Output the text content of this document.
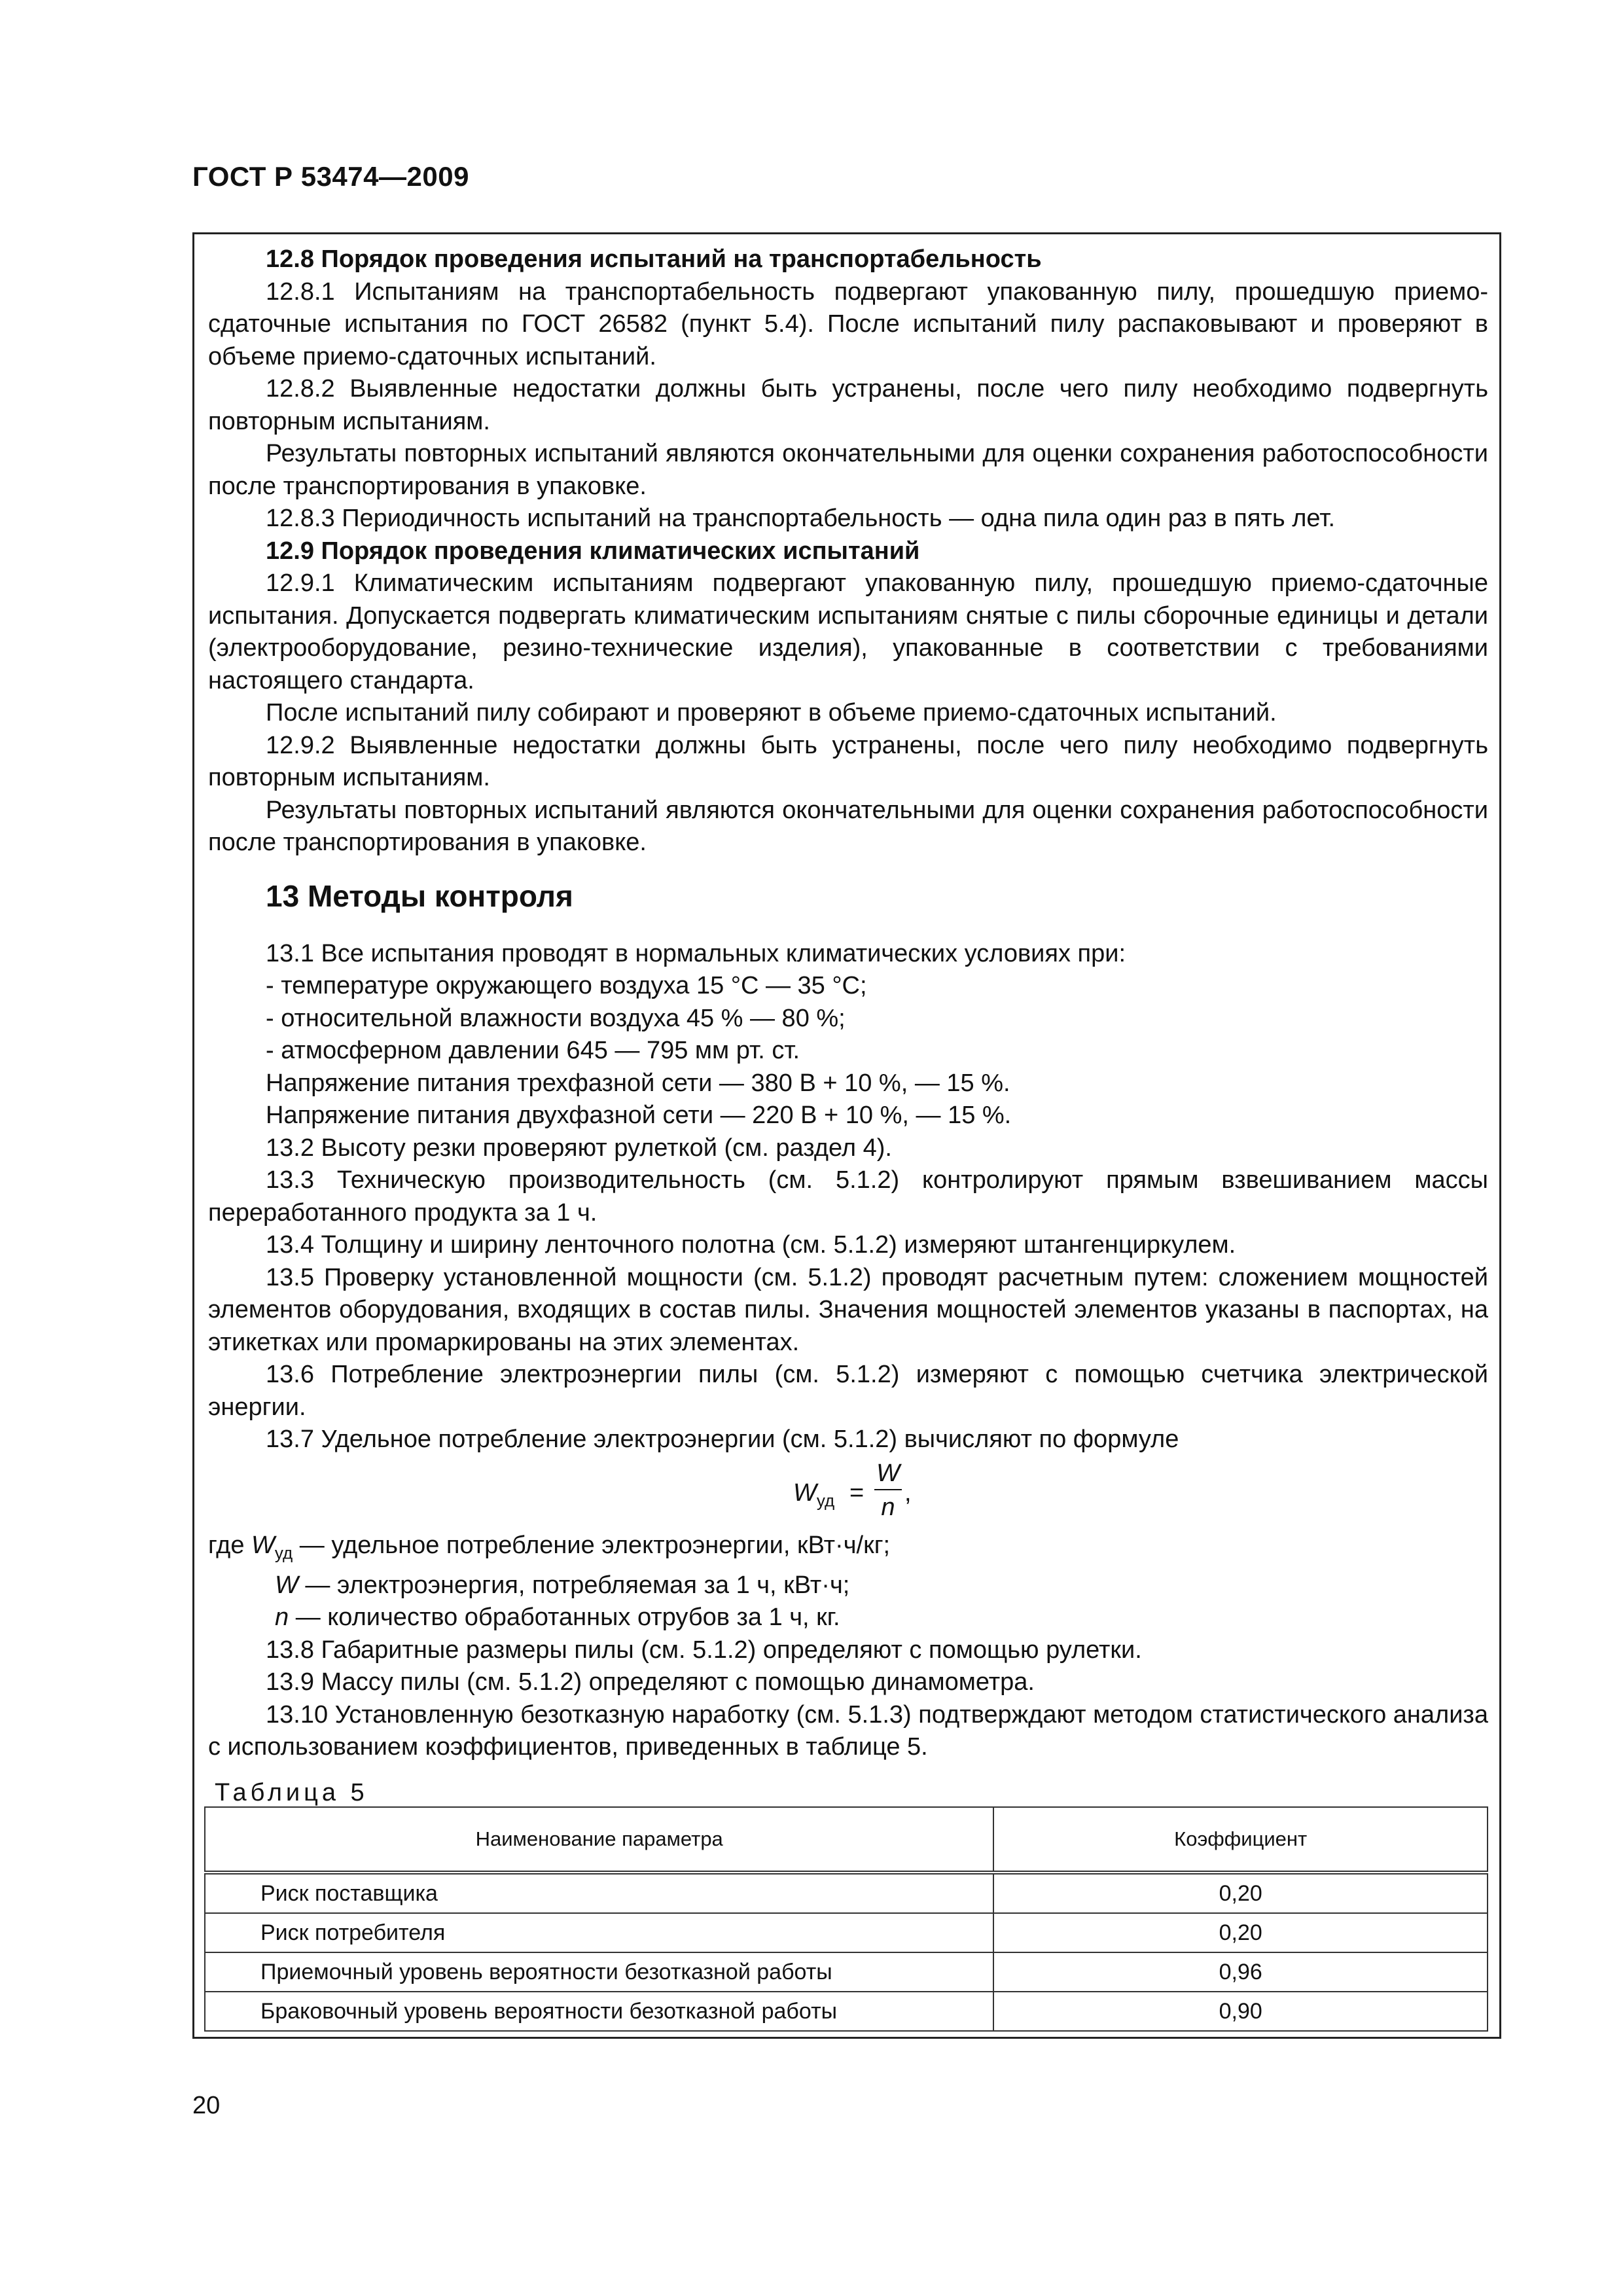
ГОСТ Р 53474—2009

12.8 Порядок проведения испытаний на транспортабельность

12.8.1 Испытаниям на транспортабельность подвергают упакованную пилу, прошедшую приемо-сдаточные испытания по ГОСТ 26582 (пункт 5.4). После испытаний пилу распаковывают и проверяют в объеме приемо-сдаточных испытаний.

12.8.2 Выявленные недостатки должны быть устранены, после чего пилу необходимо подвергнуть повторным испытаниям.

Результаты повторных испытаний являются окончательными для оценки сохранения работоспособности после транспортирования в упаковке.

12.8.3 Периодичность испытаний на транспортабельность — одна пила один раз в пять лет.

12.9 Порядок проведения климатических испытаний

12.9.1 Климатическим испытаниям подвергают упакованную пилу, прошедшую приемо-сдаточные испытания. Допускается подвергать климатическим испытаниям снятые с пилы сборочные единицы и детали (электрооборудование, резино-технические изделия), упакованные в соответствии с требованиями настоящего стандарта.

После испытаний пилу собирают и проверяют в объеме приемо-сдаточных испытаний.

12.9.2 Выявленные недостатки должны быть устранены, после чего пилу необходимо подвергнуть повторным испытаниям.

Результаты повторных испытаний являются окончательными для оценки сохранения работоспособности после транспортирования в упаковке.

13 Методы контроля

13.1 Все испытания проводят в нормальных климатических условиях при:

- температуре окружающего воздуха 15 °С — 35 °С;

- относительной влажности воздуха 45 % — 80 %;

- атмосферном давлении 645 — 795 мм рт. ст.

Напряжение питания трехфазной сети — 380 В + 10 %, — 15 %.

Напряжение питания двухфазной сети — 220 В + 10 %, — 15 %.

13.2 Высоту резки проверяют рулеткой (см. раздел 4).

13.3 Техническую производительность (см. 5.1.2) контролируют прямым взвешиванием массы переработанного продукта за 1 ч.

13.4 Толщину и ширину ленточного полотна (см. 5.1.2) измеряют штангенциркулем.

13.5 Проверку установленной мощности (см. 5.1.2) проводят расчетным путем: сложением мощностей элементов оборудования, входящих в состав пилы. Значения мощностей элементов указаны в паспортах, на этикетках или промаркированы на этих элементах.

13.6 Потребление электроэнергии пилы (см. 5.1.2) измеряют с помощью счетчика электрической энергии.

13.7 Удельное потребление электроэнергии (см. 5.1.2) вычисляют по формуле

$W_{уд}$ =
W
n
,

где $W_{уд}$ — удельное потребление электроэнергии, кВт·ч/кг;

W — электроэнергия, потребляемая за 1 ч, кВт·ч;

n — количество обработанных отрубов за 1 ч, кг.

13.8 Габаритные размеры пилы (см. 5.1.2) определяют с помощью рулетки.

13.9 Массу пилы (см. 5.1.2) определяют с помощью динамометра.

13.10 Установленную безотказную наработку (см. 5.1.3) подтверждают методом статистического анализа с использованием коэффициентов, приведенных в таблице 5.

Таблица 5

Наименование параметра	Коэффициент
Риск поставщика	0,20
Риск потребителя	0,20
Приемочный уровень вероятности безотказной работы	0,96
Браковочный уровень вероятности безотказной работы	0,90
20
